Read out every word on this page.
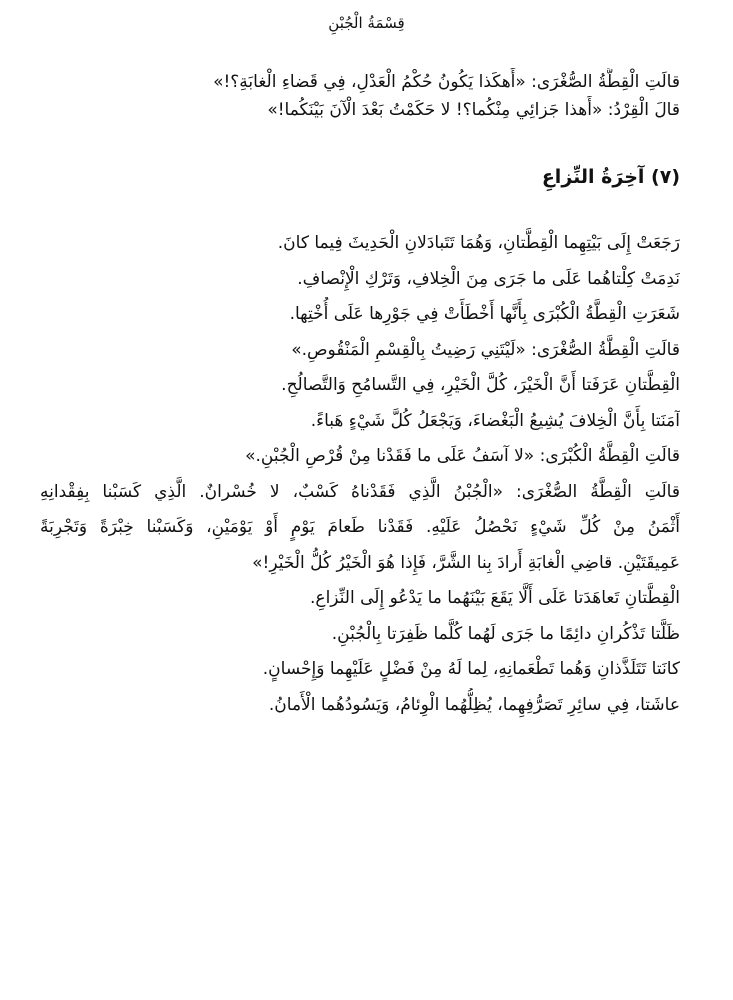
قِسْمَةُ الْجُبْنِ
قالَتِ الْقِطَّةُ الصُّغْرَى: «أَهكَذا يَكُونُ حُكْمُ الْعَدْلِ، فِي قَضاءِ الْغابَةِ؟!»
قالَ الْقِرْدُ: «أَهذا جَزائِي مِنْكُما؟! لا حَكَمْتُ بَعْدَ الْآنَ بَيْنَكُما!»
(٧) آخِرَةُ النِّزاعِ
رَجَعَتْ إِلَى بَيْتِهِما الْقِطَّتانِ، وَهُمَا تَتَبادَلانِ الْحَدِيثَ فِيما كانَ.
نَدِمَتْ كِلْتاهُما عَلَى ما جَرَى مِنَ الْخِلافِ، وَتَرْكِ الْإِنْصافِ.
شَعَرَتِ الْقِطَّةُ الْكُبْرَى بِأَنَّها أَخْطَأَتْ فِي جَوْرِها عَلَى أُخْتِها.
قالَتِ الْقِطَّةُ الصُّغْرَى: «لَيْتَنِي رَضِيتُ بِالْقِسْمِ الْمَنْقُوصِ.»
الْقِطَّتانِ عَرَفَتا أَنَّ الْخَيْرَ، كُلَّ الْخَيْرِ، فِي التَّسامُحِ وَالتَّصالُحِ.
آمَنَتا بِأَنَّ الْخِلافَ يُشِيعُ الْبَغْضاءَ، وَيَجْعَلُ كُلَّ شَيْءٍ هَباءً.
قالَتِ الْقِطَّةُ الْكُبْرَى: «لا آسَفُ عَلَى ما فَقَدْنا مِنْ قُرْصِ الْجُبْنِ.»
قالَتِ الْقِطَّةُ الصُّغْرَى: «الْجُبْنُ الَّذِي فَقَدْناهُ كَسْبٌ، لا خُسْرانٌ. الَّذِي كَسَبْنا بِفِقْدانِهِ
أَثْمَنُ مِنْ كُلِّ شَيْءٍ نَحْصُلُ عَلَيْهِ. فَقَدْنا طَعامَ يَوْمٍ أَوْ يَوْمَيْنِ، وَكَسَبْنا خِبْرَةً وَتَجْرِبَةً
عَمِيقَتَيْنِ. قاضِي الْغابَةِ أَرادَ بِنا الشَّرَّ، فَإِذا هُوَ الْخَيْرُ كُلُّ الْخَيْرِ!»
الْقِطَّتانِ تَعاهَدَتا عَلَى أَلَّا يَقَعَ بَيْنَهُما ما يَدْعُو إِلَى النِّزاعِ.
ظَلَّتا تَذْكُرانِ دائِمًا ما جَرَى لَهُما كُلَّما ظَفِرَتا بِالْجُبْنِ.
كانَتا تَتَلَذَّذانِ وَهُما تَطْعَمانِهِ، لِما لَهُ مِنْ فَضْلٍ عَلَيْهِما وَإِحْسانٍ.
عاشَتا، فِي سائِرِ تَصَرُّفِهِما، يُظِلُّهُما الْوِئامُ، وَيَسُودُهُما الْأَمانُ.
